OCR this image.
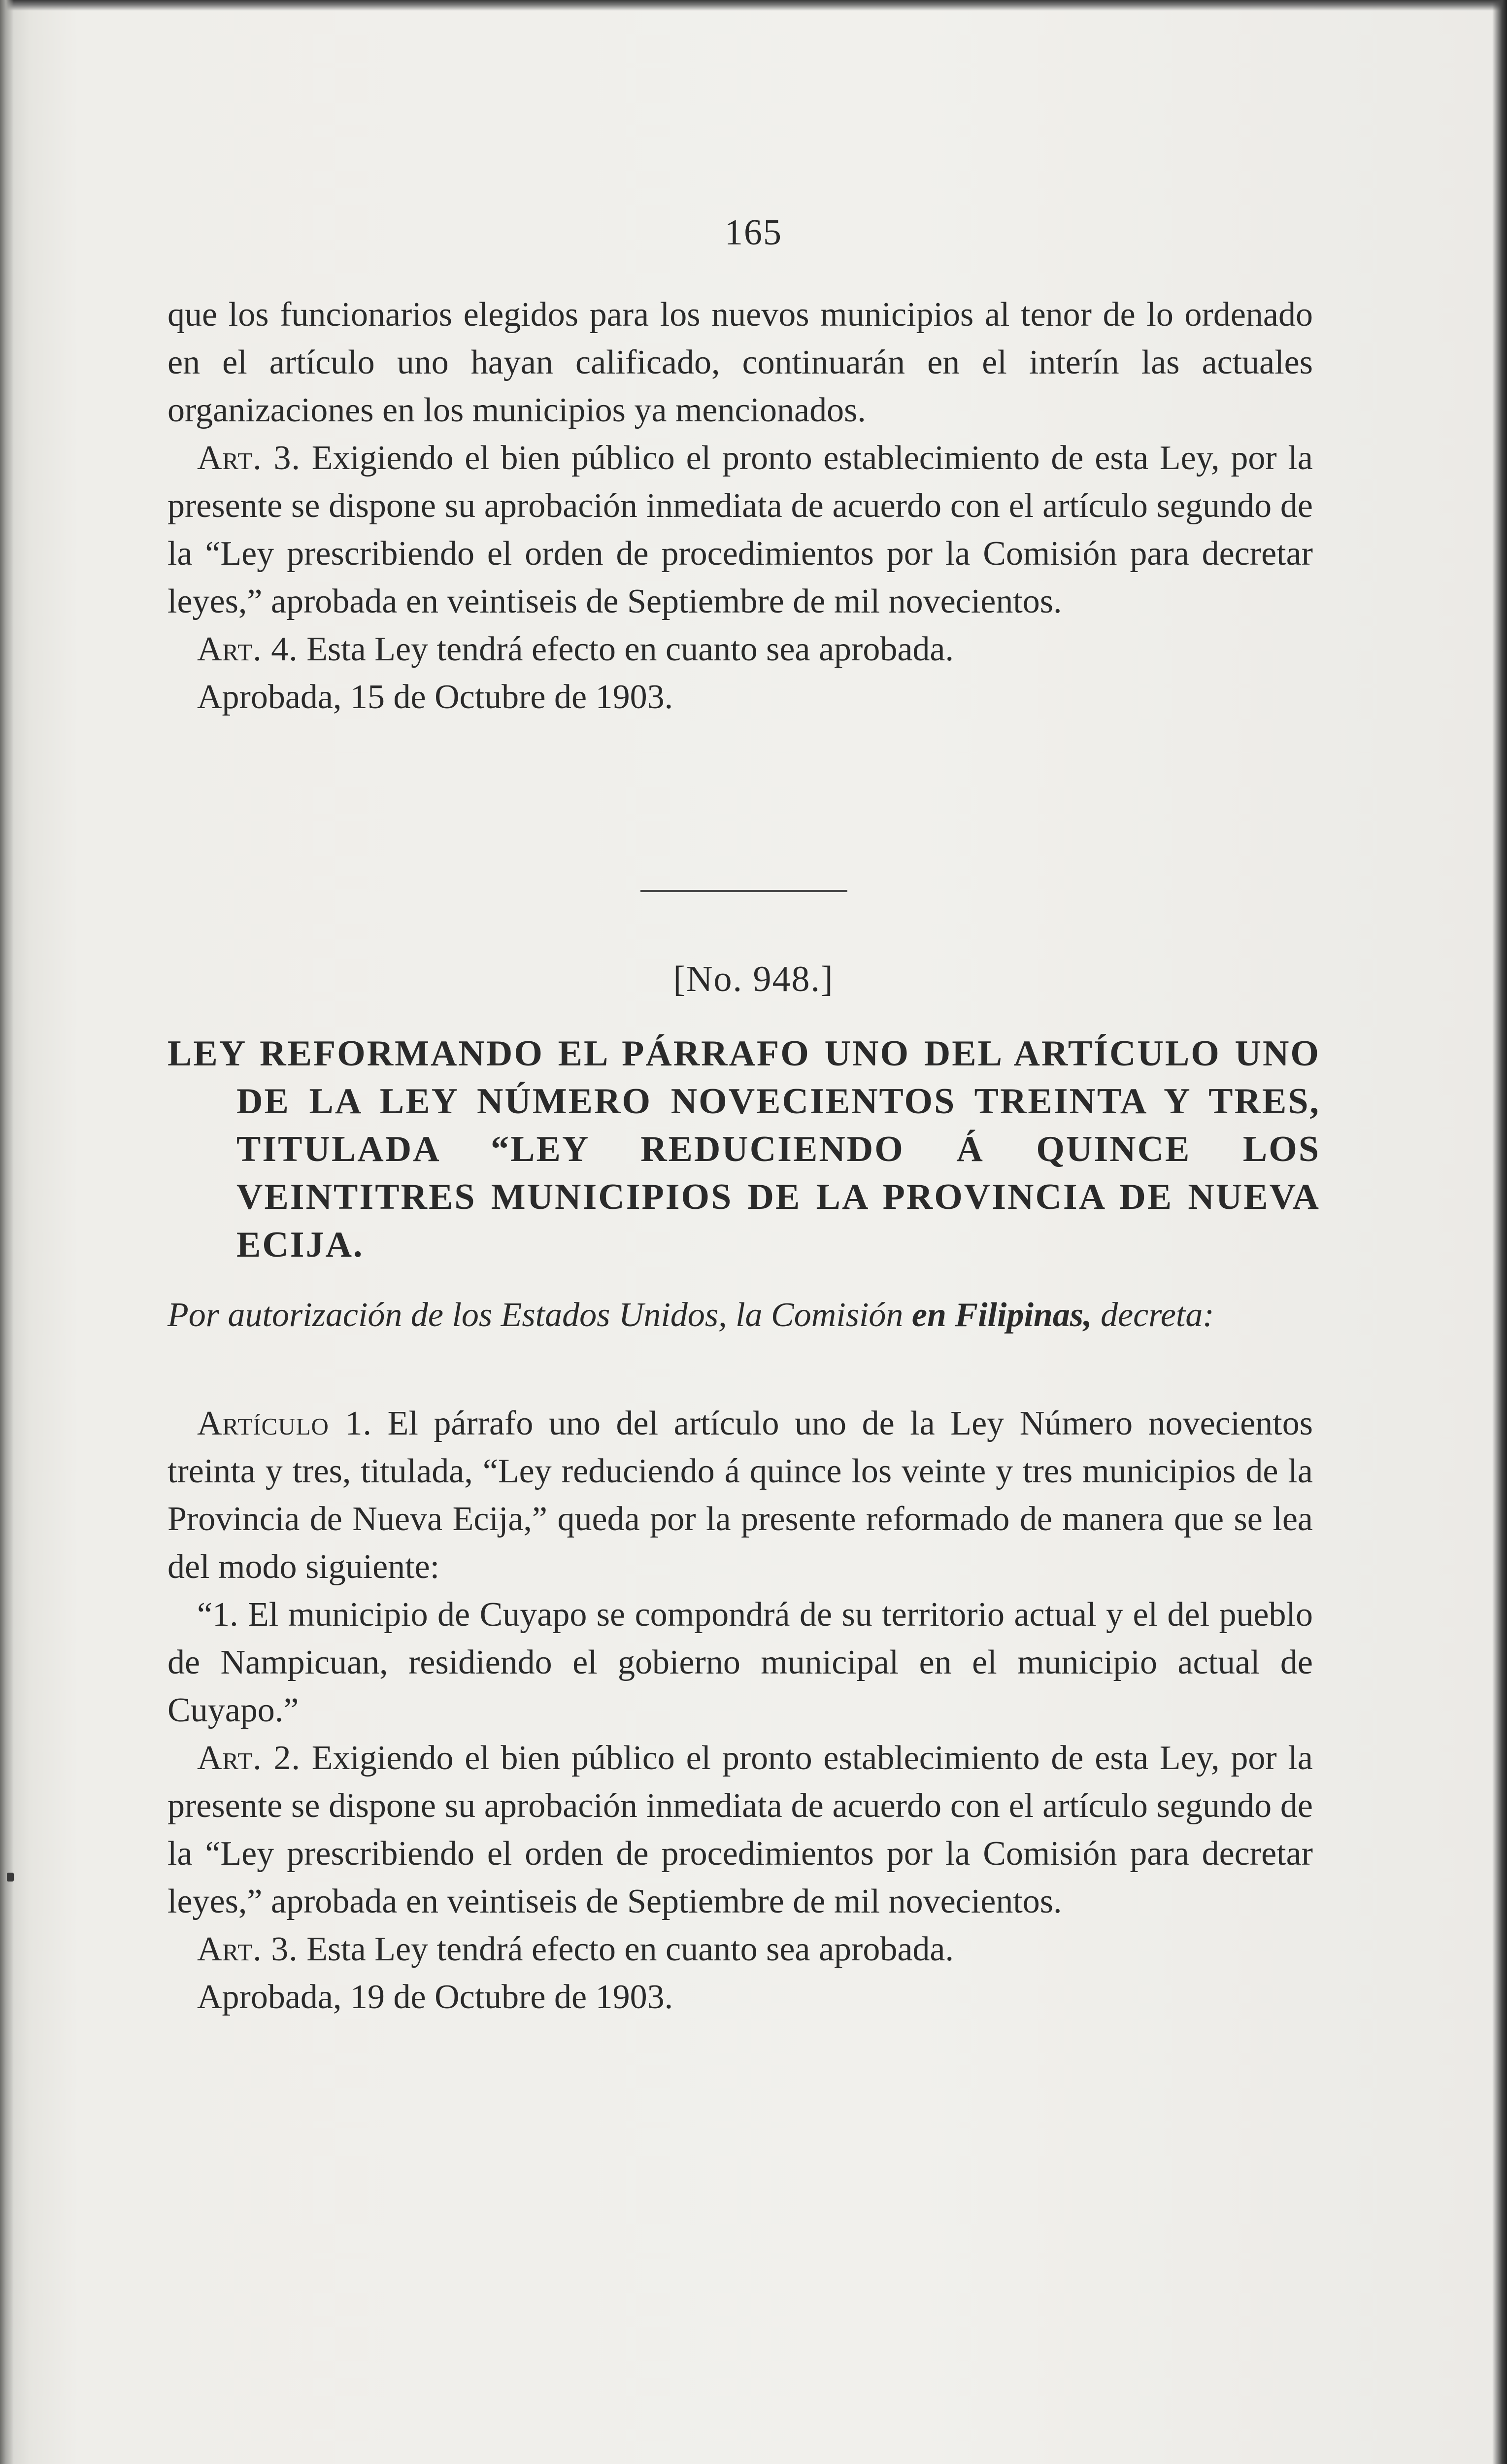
165

que los funcionarios elegidos para los nuevos municipios al tenor de lo ordenado en el artículo uno hayan calificado, continuarán en el interín las actuales organizaciones en los municipios ya mencionados.

Art. 3. Exigiendo el bien público el pronto establecimiento de esta Ley, por la presente se dispone su aprobación inmediata de acuerdo con el artículo segundo de la “Ley prescribiendo el orden de procedimientos por la Comisión para decretar leyes,” aprobada en veintiseis de Septiembre de mil novecientos.

Art. 4. Esta Ley tendrá efecto en cuanto sea aprobada.

Aprobada, 15 de Octubre de 1903.

[No. 948.]
LEY REFORMANDO EL PÁRRAFO UNO DEL ARTÍCULO UNO DE LA LEY NÚMERO NOVECIENTOS TREINTA Y TRES, TITULADA “LEY REDUCIENDO Á QUINCE LOS VEINTITRES MUNICIPIOS DE LA PROVINCIA DE NUEVA ECIJA.
Por autorización de los Estados Unidos, la Comisión en Filipinas, decreta:

Artículo 1. El párrafo uno del artículo uno de la Ley Número novecientos treinta y tres, titulada, “Ley reduciendo á quince los veinte y tres municipios de la Provincia de Nueva Ecija,” queda por la presente reformado de manera que se lea del modo siguiente:

“1. El municipio de Cuyapo se compondrá de su territorio actual y el del pueblo de Nampicuan, residiendo el gobierno municipal en el municipio actual de Cuyapo.”

Art. 2. Exigiendo el bien público el pronto establecimiento de esta Ley, por la presente se dispone su aprobación inmediata de acuerdo con el artículo segundo de la “Ley prescribiendo el orden de procedimientos por la Comisión para decretar leyes,” aprobada en veintiseis de Septiembre de mil novecientos.

Art. 3. Esta Ley tendrá efecto en cuanto sea aprobada.

Aprobada, 19 de Octubre de 1903.
